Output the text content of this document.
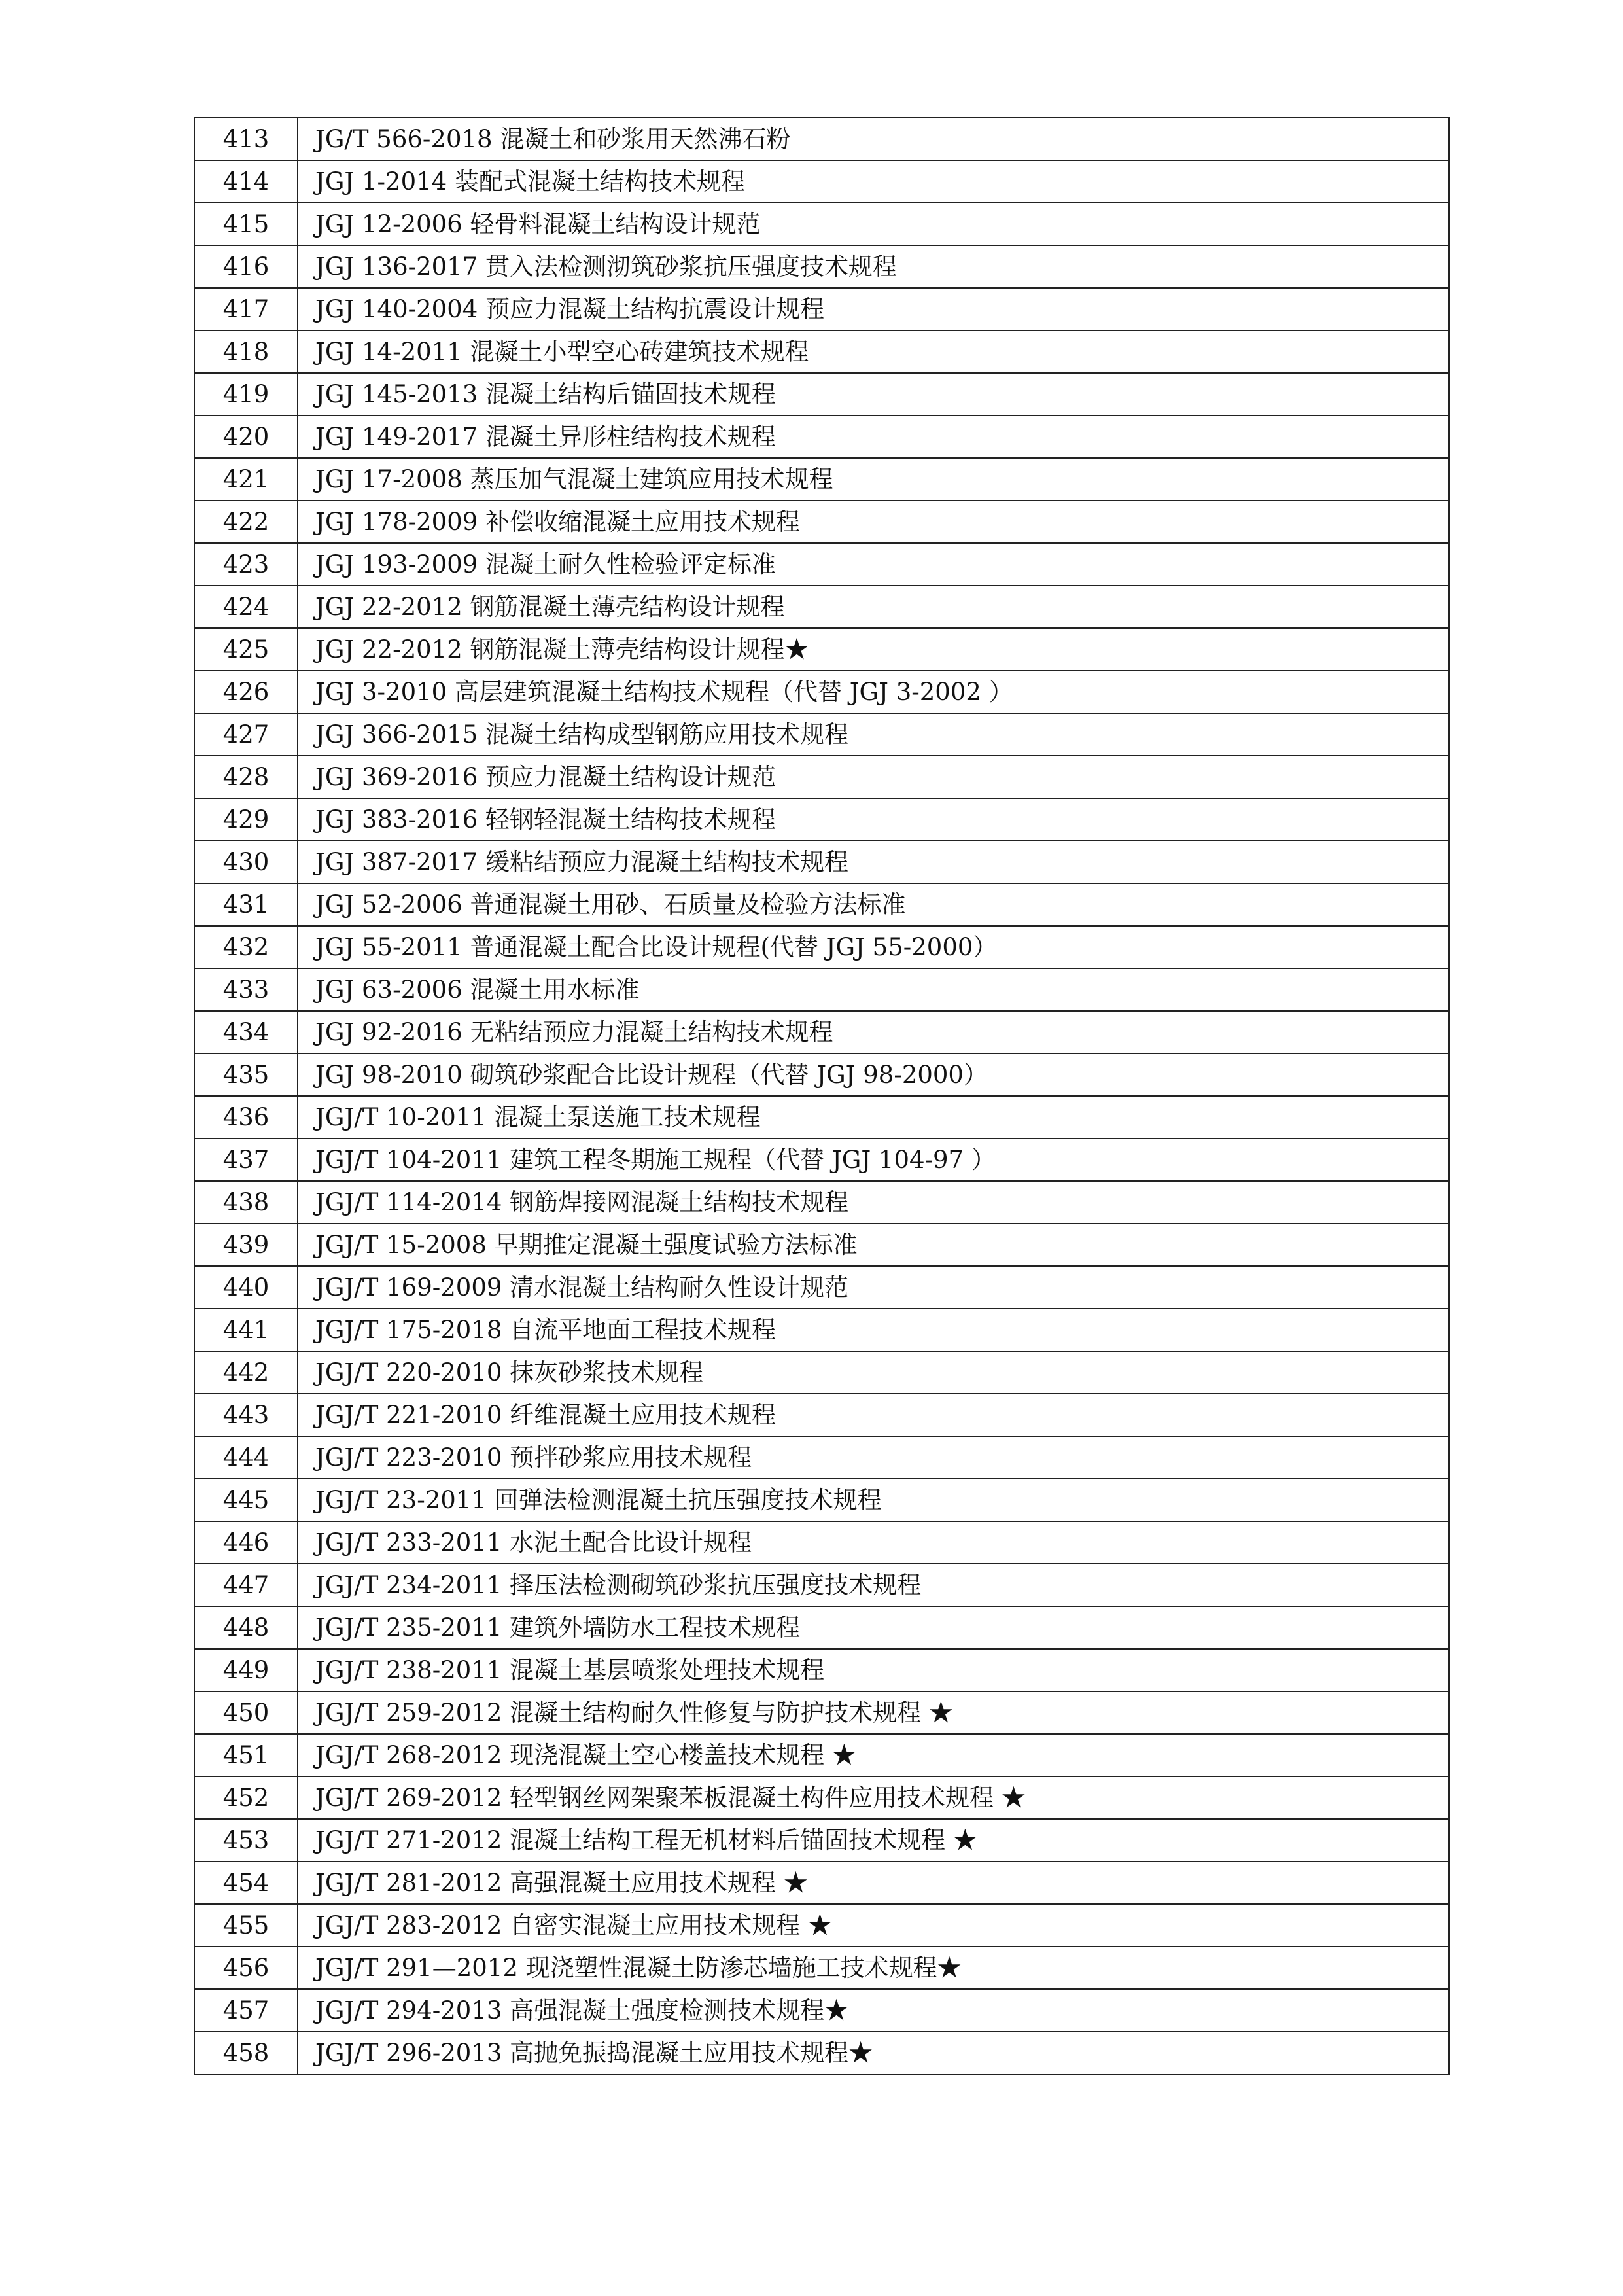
413	JG/T 566-2018 混凝土和砂浆用天然沸石粉
414	JGJ 1-2014 装配式混凝土结构技术规程
415	JGJ 12-2006 轻骨料混凝土结构设计规范
416	JGJ 136-2017 贯入法检测沏筑砂浆抗压强度技术规程
417	JGJ 140-2004 预应力混凝土结构抗震设计规程
418	JGJ 14-2011 混凝土小型空心砖建筑技术规程
419	JGJ 145-2013 混凝土结构后锚固技术规程
420	JGJ 149-2017 混凝土异形柱结构技术规程
421	JGJ 17-2008 蒸压加气混凝土建筑应用技术规程
422	JGJ 178-2009 补偿收缩混凝土应用技术规程
423	JGJ 193-2009 混凝土耐久性检验评定标准
424	JGJ 22-2012 钢筋混凝土薄壳结构设计规程
425	JGJ 22-2012 钢筋混凝土薄壳结构设计规程★
426	JGJ 3-2010 高层建筑混凝土结构技术规程（代替 JGJ 3-2002 ）
427	JGJ 366-2015 混凝土结构成型钢筋应用技术规程
428	JGJ 369-2016 预应力混凝土结构设计规范
429	JGJ 383-2016 轻钢轻混凝土结构技术规程
430	JGJ 387-2017 缓粘结预应力混凝土结构技术规程
431	JGJ 52-2006 普通混凝土用砂、石质量及检验方法标准
432	JGJ 55-2011 普通混凝土配合比设计规程(代替 JGJ 55-2000）
433	JGJ 63-2006 混凝土用水标准
434	JGJ 92-2016 无粘结预应力混凝土结构技术规程
435	JGJ 98-2010 砌筑砂浆配合比设计规程（代替 JGJ 98-2000）
436	JGJ/T 10-2011 混凝土泵送施工技术规程
437	JGJ/T 104-2011 建筑工程冬期施工规程（代替 JGJ 104-97 ）
438	JGJ/T 114-2014 钢筋焊接网混凝土结构技术规程
439	JGJ/T 15-2008 早期推定混凝土强度试验方法标准
440	JGJ/T 169-2009 清水混凝土结构耐久性设计规范
441	JGJ/T 175-2018 自流平地面工程技术规程
442	JGJ/T 220-2010 抹灰砂浆技术规程
443	JGJ/T 221-2010 纤维混凝土应用技术规程
444	JGJ/T 223-2010 预拌砂浆应用技术规程
445	JGJ/T 23-2011 回弹法检测混凝土抗压强度技术规程
446	JGJ/T 233-2011 水泥土配合比设计规程
447	JGJ/T 234-2011 择压法检测砌筑砂浆抗压强度技术规程
448	JGJ/T 235-2011 建筑外墙防水工程技术规程
449	JGJ/T 238-2011 混凝土基层喷浆处理技术规程
450	JGJ/T 259-2012 混凝土结构耐久性修复与防护技术规程 ★
451	JGJ/T 268-2012 现浇混凝土空心楼盖技术规程 ★
452	JGJ/T 269-2012 轻型钢丝网架聚苯板混凝土构件应用技术规程 ★
453	JGJ/T 271-2012 混凝土结构工程无机材料后锚固技术规程 ★
454	JGJ/T 281-2012 高强混凝土应用技术规程 ★
455	JGJ/T 283-2012 自密实混凝土应用技术规程 ★
456	JGJ/T 291—2012 现浇塑性混凝土防渗芯墙施工技术规程★
457	JGJ/T 294-2013 高强混凝土强度检测技术规程★
458	JGJ/T 296-2013 高抛免振捣混凝土应用技术规程★
